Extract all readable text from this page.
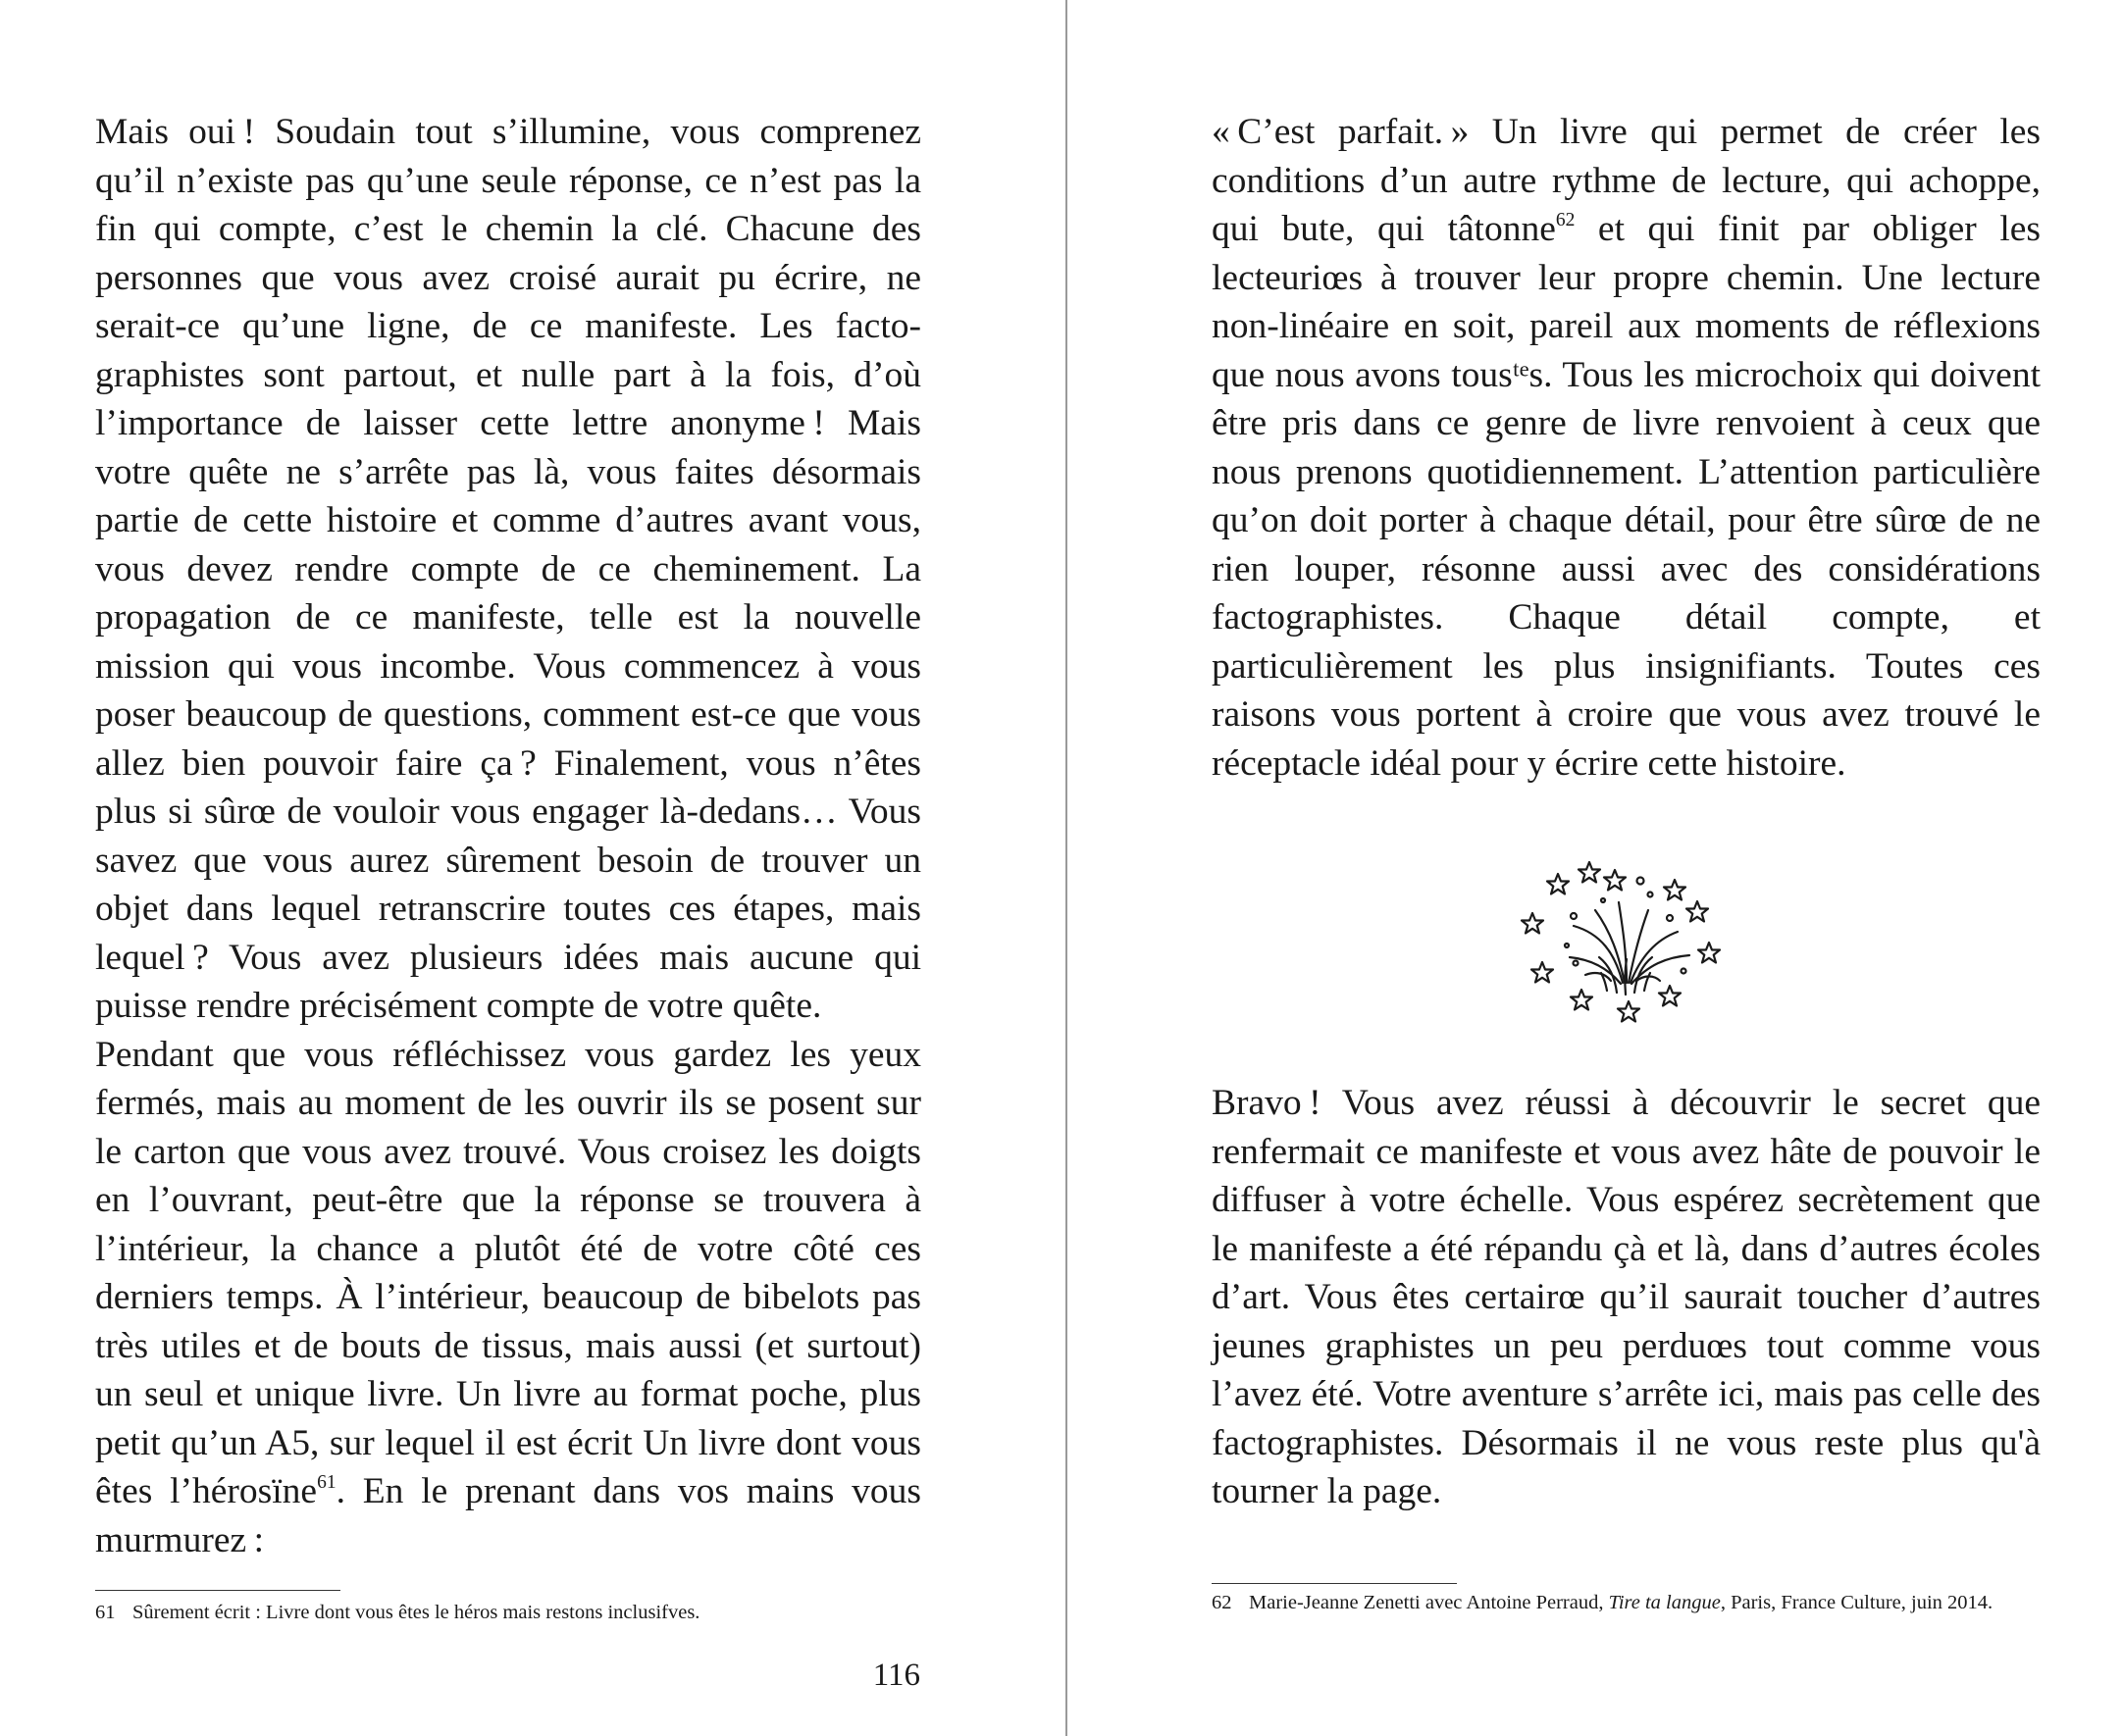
Mais oui ! Soudain tout s’illumine, vous comprenez qu’il n’existe pas qu’une seule réponse, ce n’est pas la fin qui compte, c’est le chemin la clé. Chacune des personnes que vous avez croisé aurait pu écrire, ne serait-ce qu’une ligne, de ce manifeste. Les factographistes sont partout, et nulle part à la fois, d’où l’importance de laisser cette lettre anonyme ! Mais votre quête ne s’arrête pas là, vous faites désormais partie de cette histoire et comme d’autres avant vous, vous devez rendre compte de ce cheminement. La propagation de ce manifeste, telle est la nouvelle mission qui vous incombe. Vous commencez à vous poser beaucoup de questions, comment est-ce que vous allez bien pouvoir faire ça ? Finalement, vous n’êtes plus si sûrœ de vouloir vous engager là-dedans… Vous savez que vous aurez sûrement besoin de trouver un objet dans lequel retranscrire toutes ces étapes, mais lequel ? Vous avez plusieurs idées mais aucune qui puisse rendre précisément compte de votre quête.

Pendant que vous réfléchissez vous gardez les yeux fermés, mais au moment de les ouvrir ils se posent sur le carton que vous avez trouvé. Vous croisez les doigts en l’ouvrant, peut-être que la réponse se trouvera à l’intérieur, la chance a plutôt été de votre côté ces derniers temps. À l’intérieur, beaucoup de bibelots pas très utiles et de bouts de tissus, mais aussi (et surtout) un seul et unique livre. Un livre au format poche, plus petit qu’un A5, sur lequel il est écrit Un livre dont vous êtes l’hérosïne$^{61}$. En le prenant dans vos mains vous murmurez :

61 Sûrement écrit : Livre dont vous êtes le héros mais restons inclusifves.
116

« C’est parfait. » Un livre qui permet de créer les conditions d’un autre rythme de lecture, qui achoppe, qui bute, qui tâtonne$^{62}$ et qui finit par obliger les lecteurіœs à trouver leur propre chemin. Une lecture non-linéaire en soit, pareil aux moments de réflexions que nous avons tousᵗᵉs. Tous les microchoix qui doivent être pris dans ce genre de livre renvoient à ceux que nous prenons quotidiennement. L’attention particulière qu’on doit porter à chaque détail, pour être sûrœ de ne rien louper, résonne aussi avec des considérations factographistes. Chaque détail compte, et particulièrement les plus insignifiants. Toutes ces raisons vous portent à croire que vous avez trouvé le réceptacle idéal pour y écrire cette histoire.

Bravo ! Vous avez réussi à découvrir le secret que renfermait ce manifeste et vous avez hâte de pouvoir le diffuser à votre échelle. Vous espérez secrètement que le manifeste a été répandu çà et là, dans d’autres écoles d’art. Vous êtes certairœ qu’il saurait toucher d’autres jeunes graphistes un peu perduœs tout comme vous l’avez été. Votre aventure s’arrête ici, mais pas celle des factographistes. Désormais il ne vous reste plus qu'à tourner la page.

62 Marie-Jeanne Zenetti avec Antoine Perraud, Tire ta langue, Paris, France Culture, juin 2014.
